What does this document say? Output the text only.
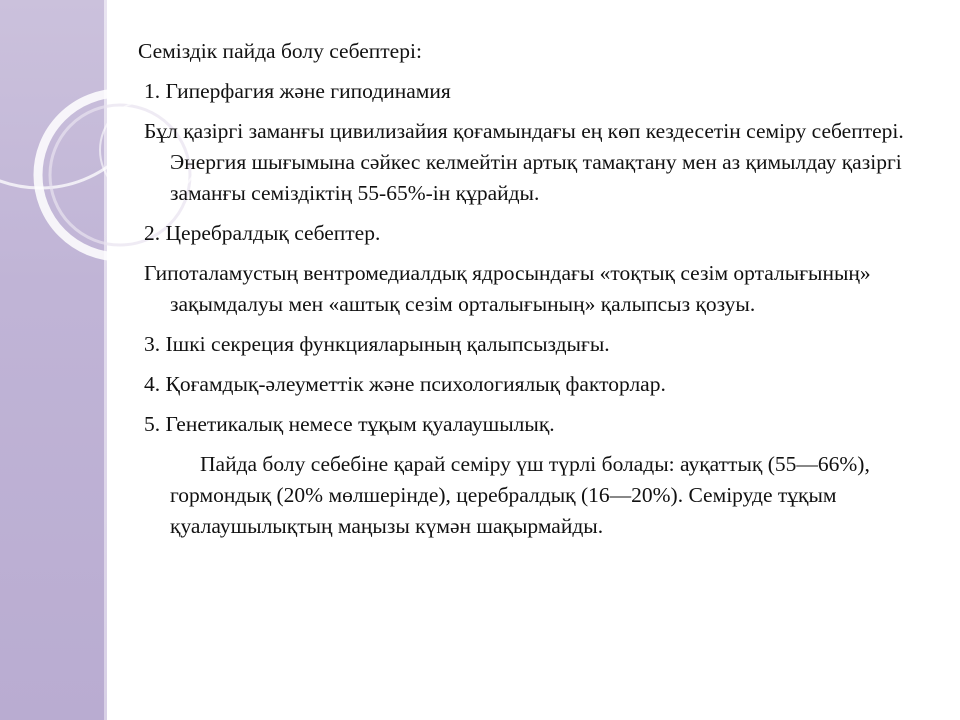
Семіздік пайда болу себептері:

1. Гиперфагия және гиподинамия

Бұл қазіргі заманғы цивилизайия қоғамындағы ең көп кездесетін семіру себептері. Энергия шығымына сәйкес келмейтін артық тамақтану мен аз қимылдау қазіргі заманғы семіздіктің 55-65%-ін құрайды.

2. Церебралдық себептер.

Гипоталамустың вентромедиалдық ядросындағы «тоқтық сезім орталығының» зақымдалуы мен «аштық сезім орталығының» қалыпсыз қозуы.

3. Ішкі секреция функцияларының қалыпсыздығы.

4. Қоғамдық-әлеуметтік және психологиялық факторлар.

5. Генетикалық немесе тұқым қуалаушылық.

Пайда болу себебіне қарай семіру үш түрлі болады: ауқаттық (55—66%), гормондық (20% мөлшерінде), церебралдық (16—20%). Семіруде тұқым қуалаушылықтың маңызы күмән шақырмайды.
